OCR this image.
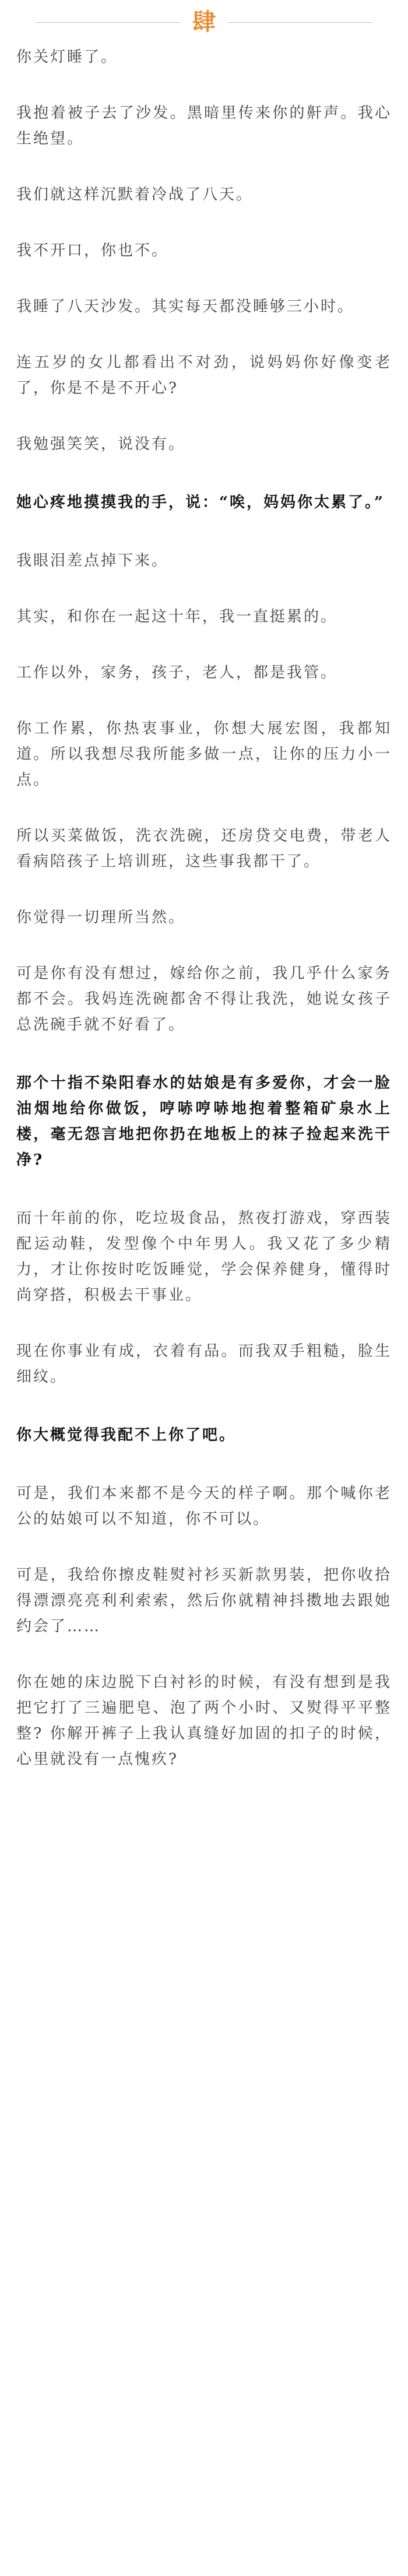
肆

你关灯睡了。

我抱着被子去了沙发。黑暗里传来你的鼾声。我心生绝望。

我们就这样沉默着冷战了八天。

我不开口，你也不。

我睡了八天沙发。其实每天都没睡够三小时。

连五岁的女儿都看出不对劲，说妈妈你好像变老了，你是不是不开心?

我勉强笑笑，说没有。

她心疼地摸摸我的手，说：“唉，妈妈你太累了。”

我眼泪差点掉下来。

其实，和你在一起这十年，我一直挺累的。

工作以外，家务，孩子，老人，都是我管。

你工作累，你热衷事业，你想大展宏图，我都知道。所以我想尽我所能多做一点，让你的压力小一点。

所以买菜做饭，洗衣洗碗，还房贷交电费，带老人看病陪孩子上培训班，这些事我都干了。

你觉得一切理所当然。

可是你有没有想过，嫁给你之前，我几乎什么家务都不会。我妈连洗碗都舍不得让我洗，她说女孩子总洗碗手就不好看了。

那个十指不染阳春水的姑娘是有多爱你，才会一脸油烟地给你做饭，哼哧哼哧地抱着整箱矿泉水上楼，毫无怨言地把你扔在地板上的袜子捡起来洗干净?

而十年前的你，吃垃圾食品，熬夜打游戏，穿西装配运动鞋，发型像个中年男人。我又花了多少精力，才让你按时吃饭睡觉，学会保养健身，懂得时尚穿搭，积极去干事业。

现在你事业有成，衣着有品。而我双手粗糙，脸生细纹。

你大概觉得我配不上你了吧。

可是，我们本来都不是今天的样子啊。那个喊你老公的姑娘可以不知道，你不可以。

可是，我给你擦皮鞋熨衬衫买新款男装，把你收拾得漂漂亮亮利利索索，然后你就精神抖擞地去跟她约会了……

你在她的床边脱下白衬衫的时候，有没有想到是我把它打了三遍肥皂、泡了两个小时、又熨得平平整整? 你解开裤子上我认真缝好加固的扣子的时候，心里就没有一点愧疚?
